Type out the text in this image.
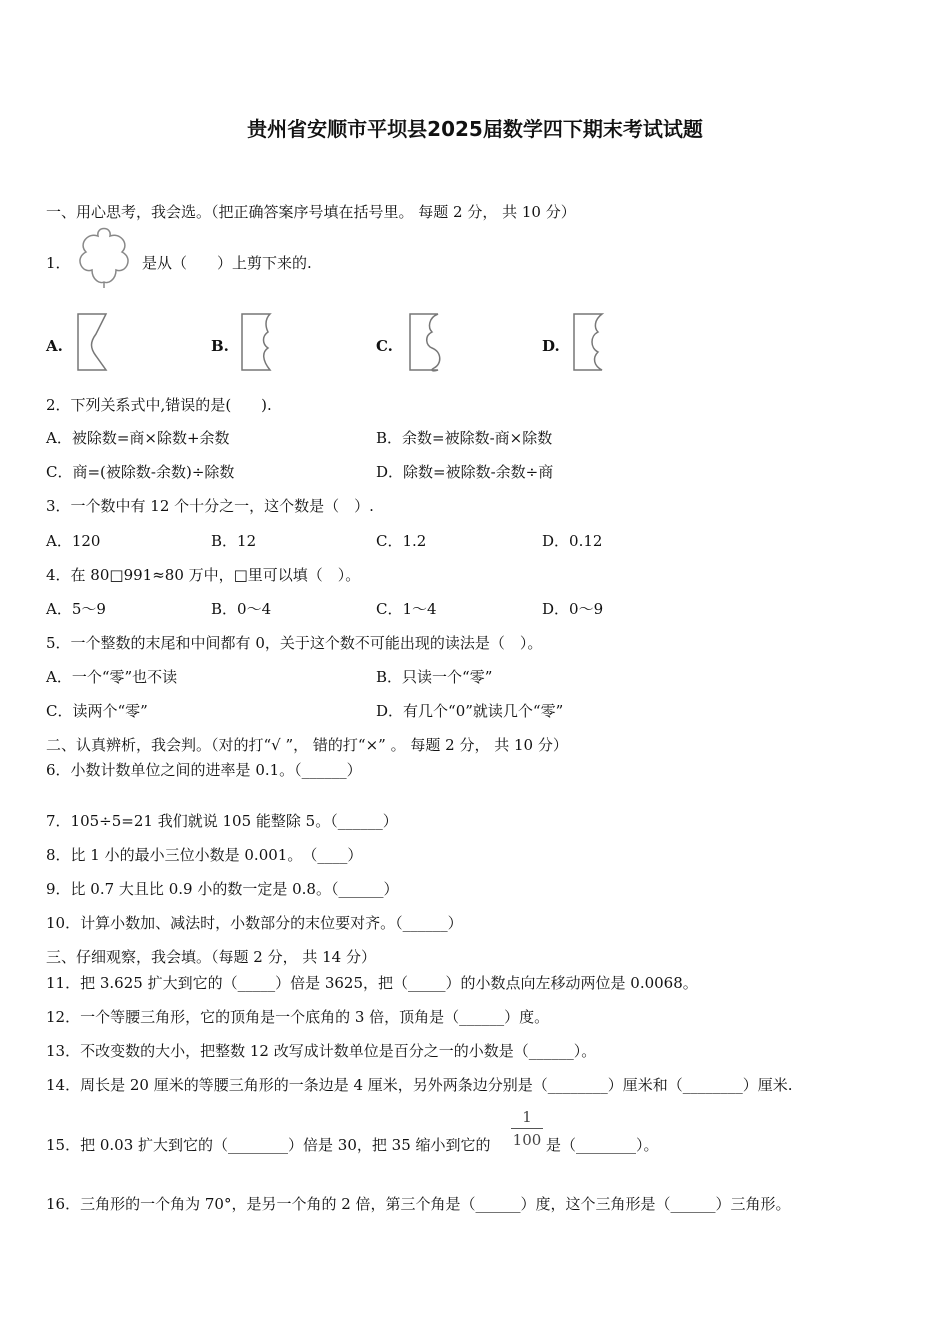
贵州省安顺市平坝县2025届数学四下期末考试试题
一、用心思考，我会选。（把正确答案序号填在括号里。 每题 2 分， 共 10 分）
1．	是从（　　）上剪下来的.
A.	B.	C.	D.
2．下列关系式中,错误的是(　　).
A．被除数=商×除数+余数	B．余数=被除数-商×除数
C．商=(被除数-余数)÷除数	D．除数=被除数-余数÷商
3．一个数中有 12 个十分之一，这个数是（　）.
A．120	B．12	C．1.2	D．0.12
4．在 80□991≈80 万中，□里可以填（　）。
A．5～9	B．0～4	C．1～4	D．0～9
5．一个整数的末尾和中间都有 0，关于这个数不可能出现的读法是（　）。
A．一个“零”也不读	B．只读一个“零”
C．读两个“零”	D．有几个“0”就读几个“零”
二、认真辨析，我会判。（对的打“√ ”， 错的打“×” 。 每题 2 分， 共 10 分）
6．小数计数单位之间的进率是 0.1。（______）
7．105÷5=21 我们就说 105 能整除 5。（______）
8．比 1 小的最小三位小数是 0.001。　（____）
9．比 0.7 大且比 0.9 小的数一定是 0.8。（______）
10．计算小数加、减法时，小数部分的末位要对齐。（______）
三、仔细观察，我会填。（每题 2 分， 共 14 分）
11．把 3.625 扩大到它的（_____）倍是 3625，把（_____）的小数点向左移动两位是 0.0068。
12．一个等腰三角形，它的顶角是一个底角的 3 倍，顶角是（______）度。
13．不改变数的大小，把整数 12 改写成计数单位是百分之一的小数是（______）。
14．周长是 20 厘米的等腰三角形的一条边是 4 厘米，另外两条边分别是（________）厘米和（________）厘米.
15．把 0.03 扩大到它的（________）倍是 30，把 35 缩小到它的
1
100 是（________）。
16．三角形的一个角为 70°，是另一个角的 2 倍，第三个角是（______）度，这个三角形是（______）三角形。
